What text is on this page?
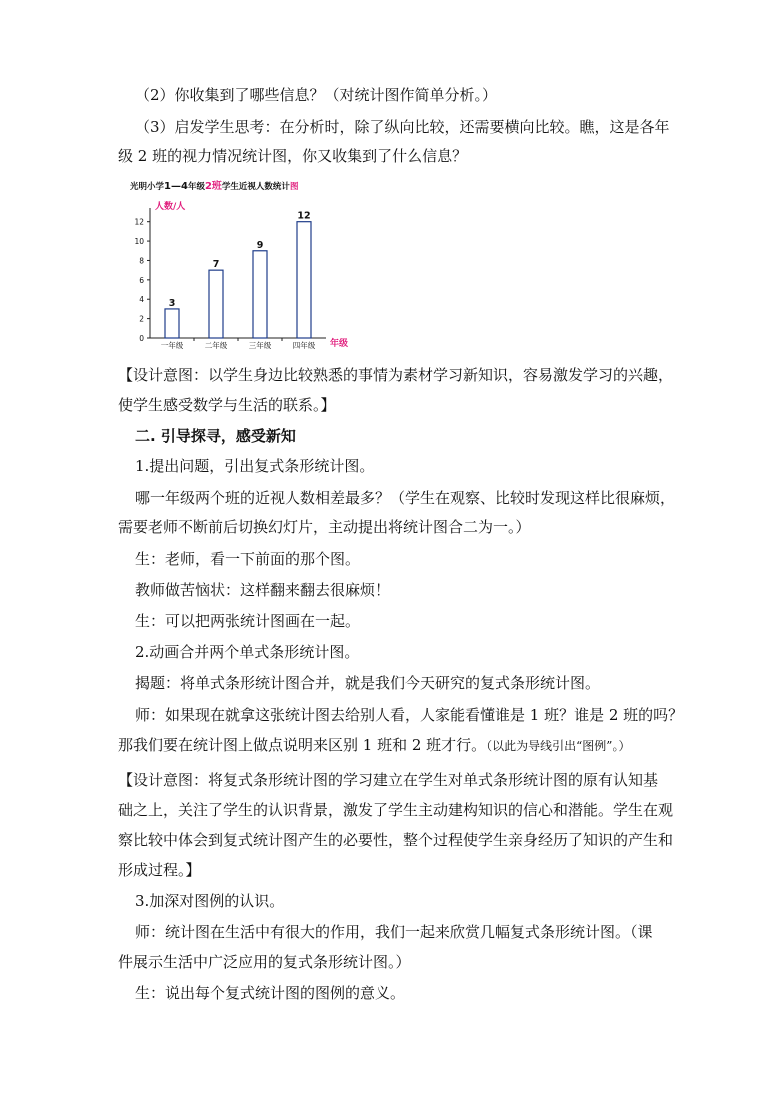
（2）你收集到了哪些信息？（对统计图作简单分析。）
（3）启发学生思考：在分析时，除了纵向比较，还需要横向比较。瞧，这是各年
级 2 班的视力情况统计图，你又收集到了什么信息？
光明小学1—4年级2班学生近视人数统计图
人数/人
年级
0
2
4
6
8
10
12
3
一年级
7
二年级
9
三年级
12
四年级
【设计意图：以学生身边比较熟悉的事情为素材学习新知识，容易激发学习的兴趣，
使学生感受数学与生活的联系。】
二. 引导探寻，感受新知
1.提出问题，引出复式条形统计图。
哪一年级两个班的近视人数相差最多？（学生在观察、比较时发现这样比很麻烦，
需要老师不断前后切换幻灯片，主动提出将统计图合二为一。）
生：老师，看一下前面的那个图。
教师做苦恼状：这样翻来翻去很麻烦！
生：可以把两张统计图画在一起。
2.动画合并两个单式条形统计图。
揭题：将单式条形统计图合并，就是我们今天研究的复式条形统计图。
师：如果现在就拿这张统计图去给别人看，人家能看懂谁是 1 班？谁是 2 班的吗？
那我们要在统计图上做点说明来区别 1 班和 2 班才行。（以此为导线引出“图例”。）
【设计意图：将复式条形统计图的学习建立在学生对单式条形统计图的原有认知基
础之上，关注了学生的认识背景，激发了学生主动建构知识的信心和潜能。学生在观
察比较中体会到复式统计图产生的必要性，整个过程使学生亲身经历了知识的产生和
形成过程。】
3.加深对图例的认识。
师：统计图在生活中有很大的作用，我们一起来欣赏几幅复式条形统计图。（课
件展示生活中广泛应用的复式条形统计图。）
生：说出每个复式统计图的图例的意义。
